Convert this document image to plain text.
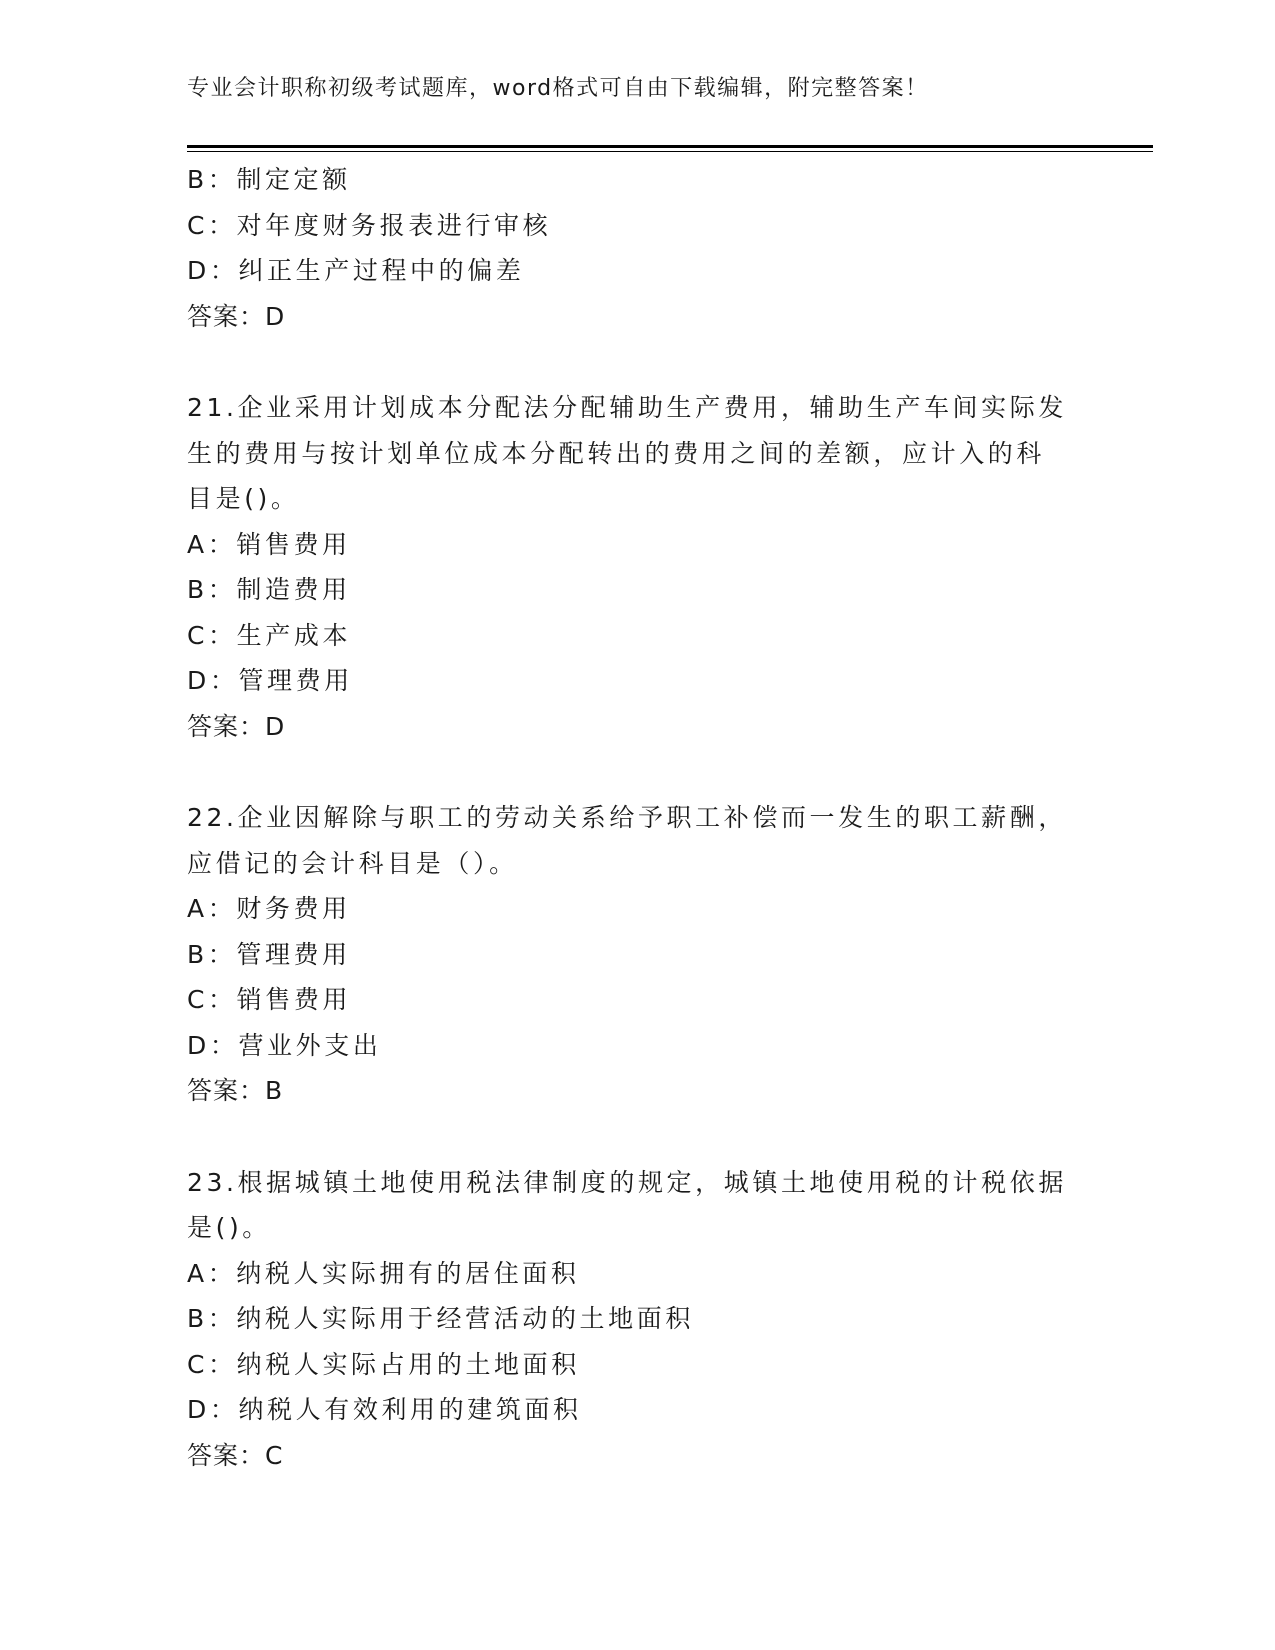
专业会计职称初级考试题库，word格式可自由下载编辑，附完整答案！
B：制定定额
C：对年度财务报表进行审核
D：纠正生产过程中的偏差
答案：D
21.企业采用计划成本分配法分配辅助生产费用，辅助生产车间实际发
生的费用与按计划单位成本分配转出的费用之间的差额，应计入的科
目是()。
A：销售费用
B：制造费用
C：生产成本
D：管理费用
答案：D
22.企业因解除与职工的劳动关系给予职工补偿而一发生的职工薪酬，
应借记的会计科目是（）。
A：财务费用
B：管理费用
C：销售费用
D：营业外支出
答案：B
23.根据城镇土地使用税法律制度的规定，城镇土地使用税的计税依据
是()。
A：纳税人实际拥有的居住面积
B：纳税人实际用于经营活动的土地面积
C：纳税人实际占用的土地面积
D：纳税人有效利用的建筑面积
答案：C
